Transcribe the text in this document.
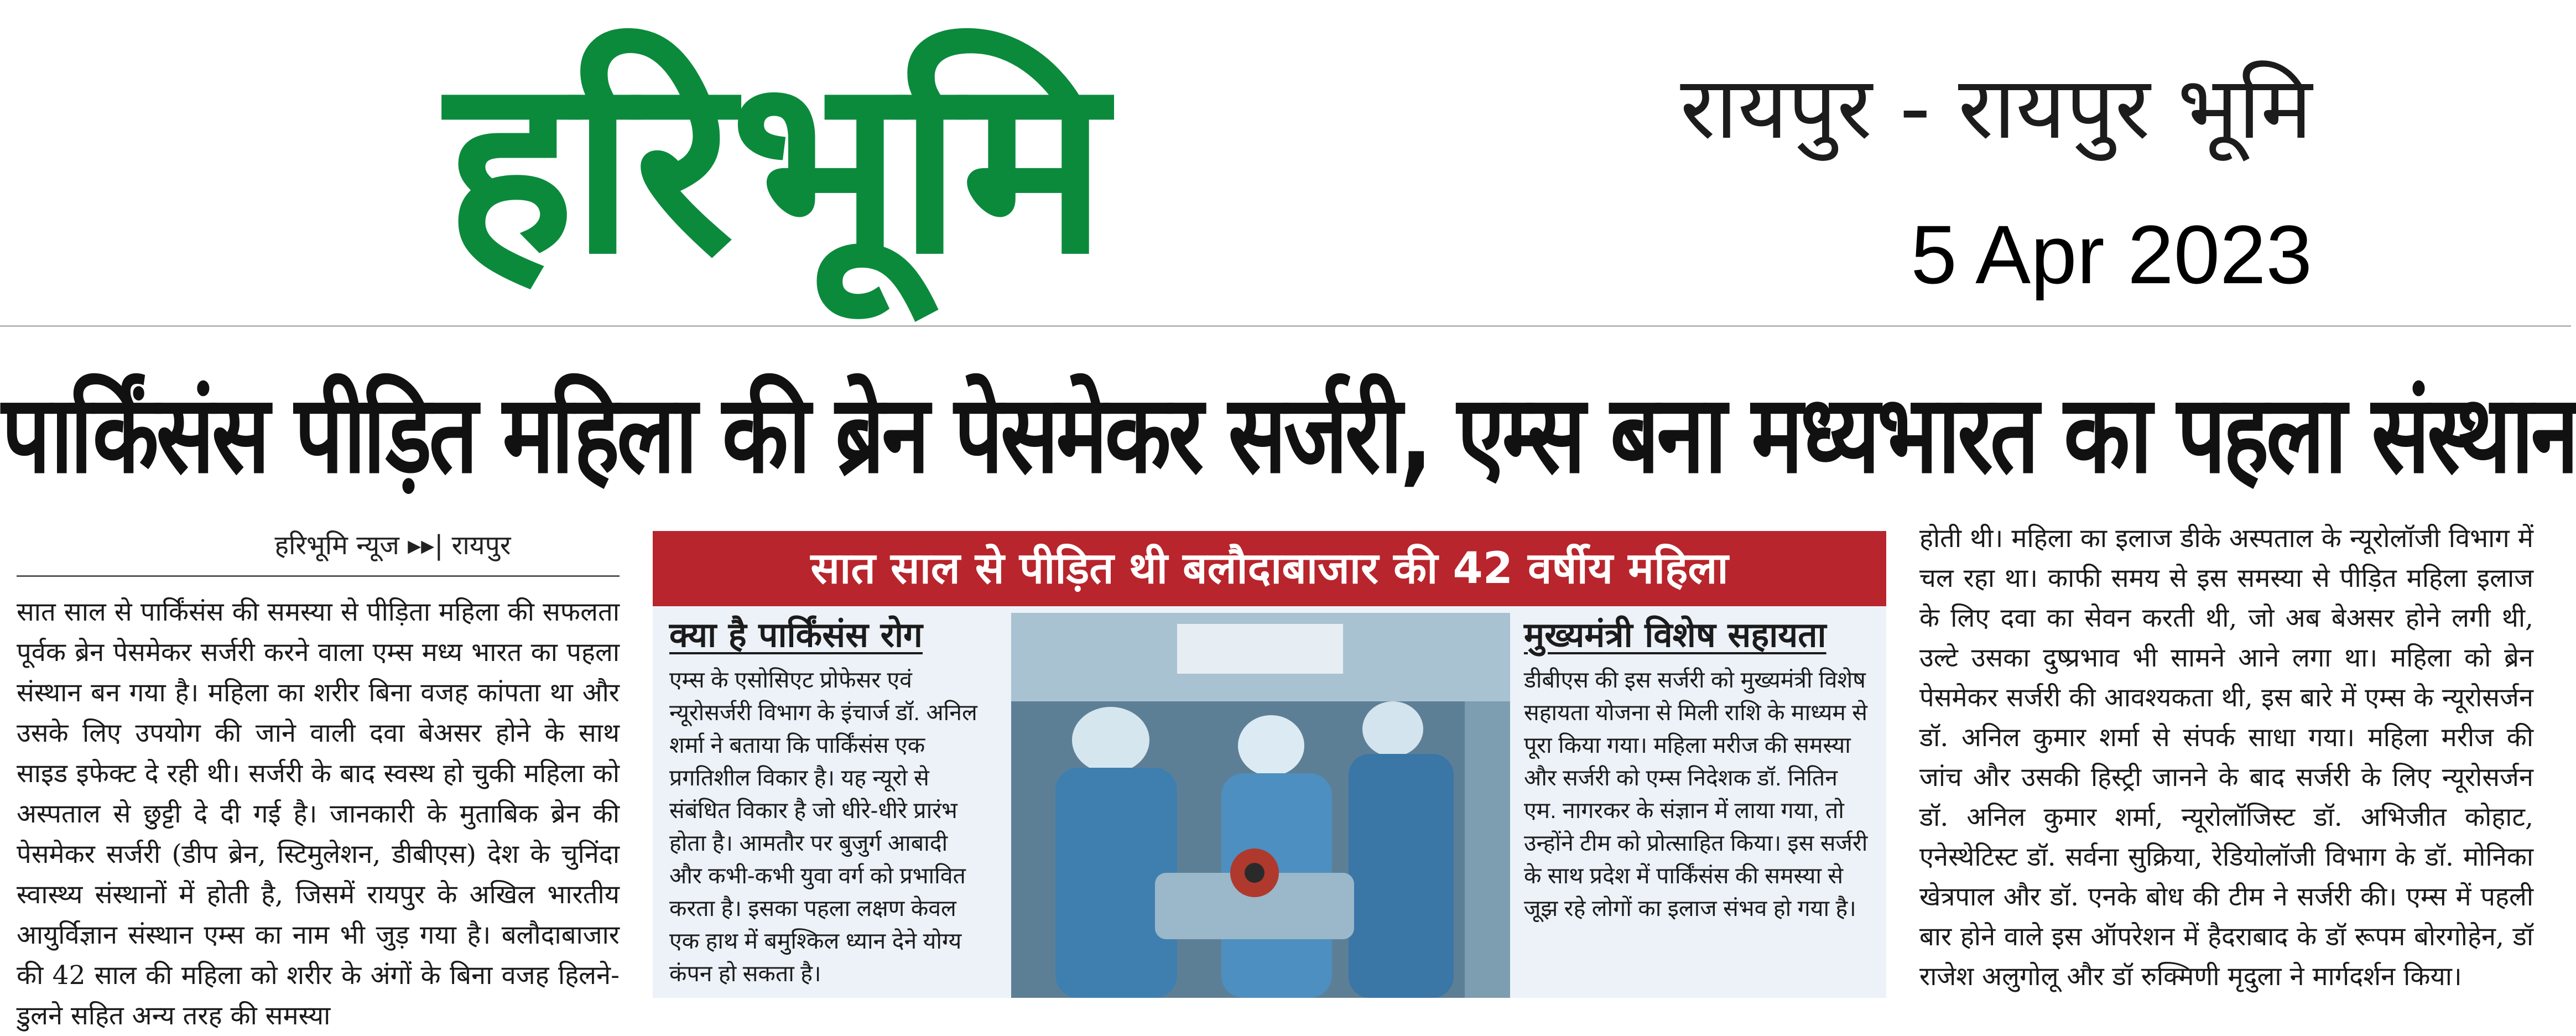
हरिभूमि	रायपुर - रायपुर भूमि
5 Apr 2023
पार्किंसंस पीड़ित महिला की ब्रेन पेसमेकर सर्जरी, एम्स बना मध्यभारत का पहला संस्थान
हरिभूमि न्यूज ▸▸| रायपुर
सात साल से पार्किंसंस की समस्या से पीड़िता महिला की सफलता पूर्वक ब्रेन पेसमेकर सर्जरी करने वाला एम्स मध्य भारत का पहला संस्थान बन गया है। महिला का शरीर बिना वजह कांपता था और उसके लिए उपयोग की जाने वाली दवा बेअसर होने के साथ साइड इफेक्ट दे रही थी। सर्जरी के बाद स्वस्थ हो चुकी महिला को अस्पताल से छुट्टी दे दी गई है। जानकारी के मुताबिक ब्रेन की पेसमेकर सर्जरी (डीप ब्रेन, स्टिमुलेशन, डीबीएस) देश के चुनिंदा स्वास्थ्य संस्थानों में होती है, जिसमें रायपुर के अखिल भारतीय आयुर्विज्ञान संस्थान एम्स का नाम भी जुड़ गया है। बलौदाबाजार की 42 साल की महिला को शरीर के अंगों के बिना वजह हिलने-डुलने सहित अन्य तरह की समस्या
सात साल से पीड़ित थी बलौदाबाजार की 42 वर्षीय महिला
क्या है पार्किंसंस रोग
एम्स के एसोसिएट प्रोफेसर एवं न्यूरोसर्जरी विभाग के इंचार्ज डॉ. अनिल शर्मा ने बताया कि पार्किंसंस एक प्रगतिशील विकार है। यह न्यूरो से संबंधित विकार है जो धीरे-धीरे प्रारंभ होता है। आमतौर पर बुजुर्ग आबादी और कभी-कभी युवा वर्ग को प्रभावित करता है। इसका पहला लक्षण केवल एक हाथ में बमुश्किल ध्यान देने योग्य कंपन हो सकता है।
मुख्यमंत्री विशेष सहायता
डीबीएस की इस सर्जरी को मुख्यमंत्री विशेष सहायता योजना से मिली राशि के माध्यम से पूरा किया गया। महिला मरीज की समस्या और सर्जरी को एम्स निदेशक डॉ. नितिन एम. नागरकर के संज्ञान में लाया गया, तो उन्होंने टीम को प्रोत्साहित किया। इस सर्जरी के साथ प्रदेश में पार्किंसंस की समस्या से जूझ रहे लोगों का इलाज संभव हो गया है।
होती थी। महिला का इलाज डीके अस्पताल के न्यूरोलॉजी विभाग में चल रहा था। काफी समय से इस समस्या से पीड़ित महिला इलाज के लिए दवा का सेवन करती थी, जो अब बेअसर होने लगी थी, उल्टे उसका दुष्प्रभाव भी सामने आने लगा था। महिला को ब्रेन पेसमेकर सर्जरी की आवश्यकता थी, इस बारे में एम्स के न्यूरोसर्जन डॉ. अनिल कुमार शर्मा से संपर्क साधा गया। महिला मरीज की जांच और उसकी हिस्ट्री जानने के बाद सर्जरी के लिए न्यूरोसर्जन डॉ. अनिल कुमार शर्मा, न्यूरोलॉजिस्ट डॉ. अभिजीत कोहाट, एनेस्थेटिस्ट डॉ. सर्वना सुक्रिया, रेडियोलॉजी विभाग के डॉ. मोनिका खेत्रपाल और डॉ. एनके बोध की टीम ने सर्जरी की। एम्स में पहली बार होने वाले इस ऑपरेशन में हैदराबाद के डॉ रूपम बोरगोहेन, डॉ राजेश अलुगोलू और डॉ रुक्मिणी मृदुला ने मार्गदर्शन किया।
